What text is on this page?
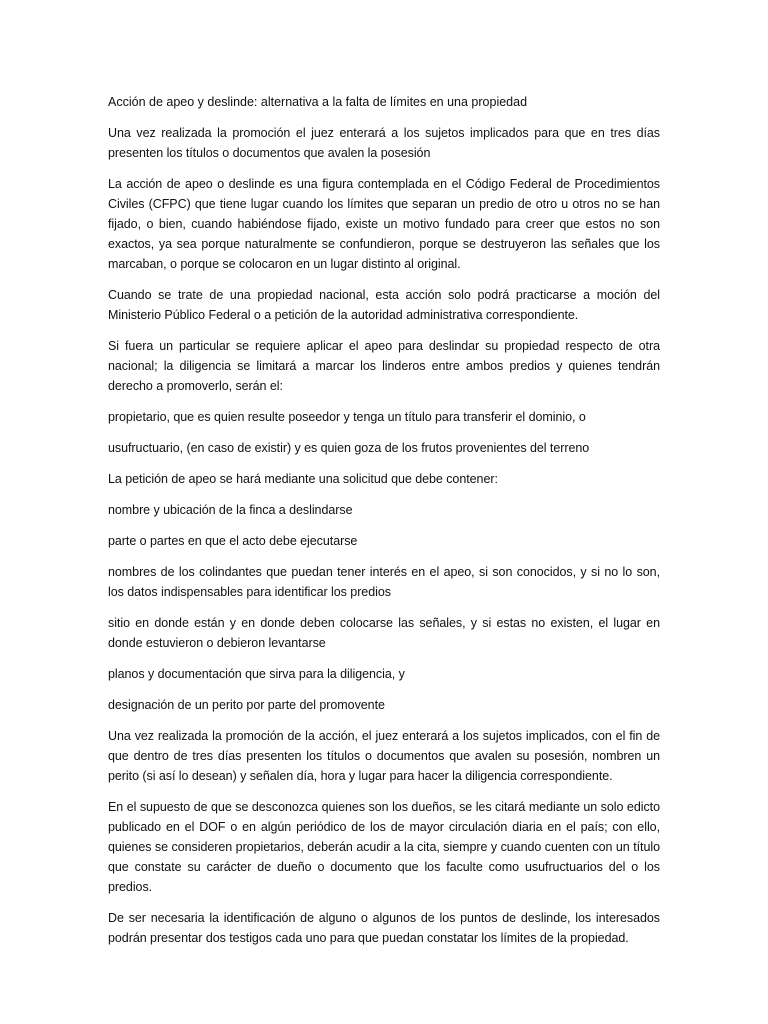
Acción de apeo y deslinde: alternativa a la falta de límites en una propiedad

Una vez realizada la promoción el juez enterará a los sujetos implicados para que en tres días presenten los títulos o documentos que avalen la posesión

La acción de apeo o deslinde es una figura contemplada en el Código Federal de Procedimientos Civiles (CFPC) que tiene lugar cuando los límites que separan un predio de otro u otros no se han fijado, o bien, cuando habiéndose fijado, existe un motivo fundado para creer que estos no son exactos, ya sea porque naturalmente se confundieron, porque se destruyeron las señales que los marcaban, o porque se colocaron en un lugar distinto al original.

Cuando se trate de una propiedad nacional, esta acción solo podrá practicarse a moción del Ministerio Público Federal o a petición de la autoridad administrativa correspondiente.

Si fuera un particular se requiere aplicar el apeo para deslindar su propiedad respecto de otra nacional; la diligencia se limitará a marcar los linderos entre ambos predios y quienes tendrán derecho a promoverlo, serán el:

propietario, que es quien resulte poseedor y tenga un título para transferir el dominio, o

usufructuario, (en caso de existir) y es quien goza de los frutos provenientes del terreno

La petición de apeo se hará mediante una solicitud que debe contener:

nombre y ubicación de la finca a deslindarse

parte o partes en que el acto debe ejecutarse

nombres de los colindantes que puedan tener interés en el apeo, si son conocidos, y si no lo son, los datos indispensables para identificar los predios

sitio en donde están y en donde deben colocarse las señales, y si estas no existen, el lugar en donde estuvieron o debieron levantarse

planos y documentación que sirva para la diligencia, y

designación de un perito por parte del promovente

Una vez realizada la promoción de la acción, el juez enterará a los sujetos implicados, con el fin de que dentro de tres días presenten los títulos o documentos que avalen su posesión, nombren un perito (si así lo desean) y señalen día, hora y lugar para hacer la diligencia correspondiente.

En el supuesto de que se desconozca quienes son los dueños, se les citará mediante un solo edicto publicado en el DOF o en algún periódico de los de mayor circulación diaria en el país; con ello, quienes se consideren propietarios, deberán acudir a la cita, siempre y cuando cuenten con un título que constate su carácter de dueño o documento que los faculte como usufructuarios del o los predios.

De ser necesaria la identificación de alguno o algunos de los puntos de deslinde, los interesados podrán presentar dos testigos cada uno para que puedan constatar los límites de la propiedad.
